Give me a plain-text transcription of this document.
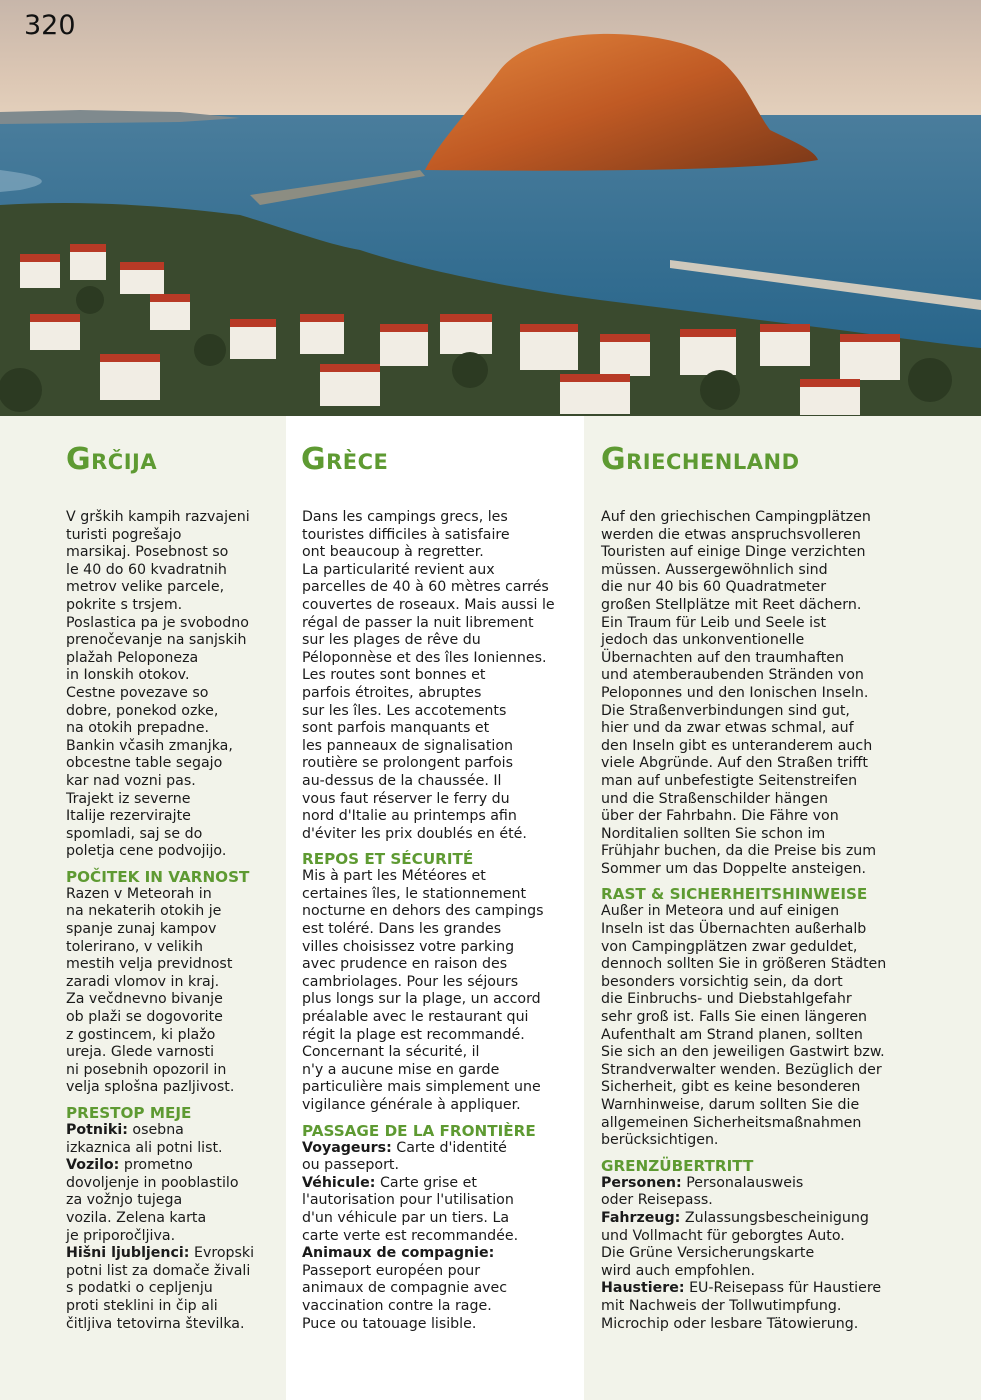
320
Grčija
V grških kampih razvajeni
turisti pogrešajo
marsikaj. Posebnost so
le 40 do 60 kvadratnih
metrov velike parcele,
pokrite s trsjem.
Poslastica pa je svobodno
prenočevanje na sanjskih
plažah Peloponeza
in Ionskih otokov.
Cestne povezave so
dobre, ponekod ozke,
na otokih prepadne.
Bankin včasih zmanjka,
obcestne table segajo
kar nad vozni pas.
Trajekt iz severne
Italije rezervirajte
spomladi, saj se do
poletja cene podvojijo.
POČITEK IN VARNOST
Razen v Meteorah in
na nekaterih otokih je
spanje zunaj kampov
tolerirano, v velikih
mestih velja previdnost
zaradi vlomov in kraj.
Za večdnevno bivanje
ob plaži se dogovorite
z gostincem, ki plažo
ureja. Glede varnosti
ni posebnih opozoril in
velja splošna pazljivost.
PRESTOP MEJE
Potniki: osebna
izkaznica ali potni list.
Vozilo: prometno
dovoljenje in pooblastilo
za vožnjo tujega
vozila. Zelena karta
je priporočljiva.
Hišni ljubljenci: Evropski
potni list za domače živali
s podatki o cepljenju
proti steklini in čip ali
čitljiva tetovirna številka.
Grèce
Dans les campings grecs, les
touristes difficiles à satisfaire
ont beaucoup à regretter.
La particularité revient aux
parcelles de 40 à 60 mètres carrés
couvertes de roseaux. Mais aussi le
régal de passer la nuit librement
sur les plages de rêve du
Péloponnèse et des îles Ioniennes.
Les routes sont bonnes et
parfois étroites, abruptes
sur les îles. Les accotements
sont parfois manquants et
les panneaux de signalisation
routière se prolongent parfois
au-dessus de la chaussée. Il
vous faut réserver le ferry du
nord d'Italie au printemps afin
d'éviter les prix doublés en été.
REPOS ET SÉCURITÉ
Mis à part les Météores et
certaines îles, le stationnement
nocturne en dehors des campings
est toléré. Dans les grandes
villes choisissez votre parking
avec prudence en raison des
cambriolages. Pour les séjours
plus longs sur la plage, un accord
préalable avec le restaurant qui
régit la plage est recommandé.
Concernant la sécurité, il
n'y a aucune mise en garde
particulière mais simplement une
vigilance générale à appliquer.
PASSAGE DE LA FRONTIÈRE
Voyageurs: Carte d'identité
ou passeport.
Véhicule: Carte grise et
l'autorisation pour l'utilisation
d'un véhicule par un tiers. La
carte verte est recommandée.
Animaux de compagnie:
Passeport européen pour
animaux de compagnie avec
vaccination contre la rage.
Puce ou tatouage lisible.
Griechenland
Auf den griechischen Campingplätzen
werden die etwas anspruchsvolleren
Touristen auf einige Dinge verzichten
müssen. Aussergewöhnlich sind
die nur 40 bis 60 Quadratmeter
großen Stellplätze mit Reet dächern.
Ein Traum für Leib und Seele ist
jedoch das unkonventionelle
Übernachten auf den traumhaften
und atemberaubenden Stränden von
Peloponnes und den Ionischen Inseln.
Die Straßenverbindungen sind gut,
hier und da zwar etwas schmal, auf
den Inseln gibt es unteranderem auch
viele Abgründe. Auf den Straßen trifft
man auf unbefestigte Seitenstreifen
und die Straßenschilder hängen
über der Fahrbahn. Die Fähre von
Norditalien sollten Sie schon im
Frühjahr buchen, da die Preise bis zum
Sommer um das Doppelte ansteigen.
RAST & SICHERHEITSHINWEISE
Außer in Meteora und auf einigen
Inseln ist das Übernachten außerhalb
von Campingplätzen zwar geduldet,
dennoch sollten Sie in größeren Städten
besonders vorsichtig sein, da dort
die Einbruchs- und Diebstahlgefahr
sehr groß ist. Falls Sie einen längeren
Aufenthalt am Strand planen, sollten
Sie sich an den jeweiligen Gastwirt bzw.
Strandverwalter wenden. Bezüglich der
Sicherheit, gibt es keine besonderen
Warnhinweise, darum sollten Sie die
allgemeinen Sicherheitsmaßnahmen
berücksichtigen.
GRENZÜBERTRITT
Personen: Personalausweis
oder Reisepass.
Fahrzeug: Zulassungsbescheinigung
und Vollmacht für geborgtes Auto.
Die Grüne Versicherungskarte
wird auch empfohlen.
Haustiere: EU-Reisepass für Haustiere
mit Nachweis der Tollwutimpfung.
Microchip oder lesbare Tätowierung.
